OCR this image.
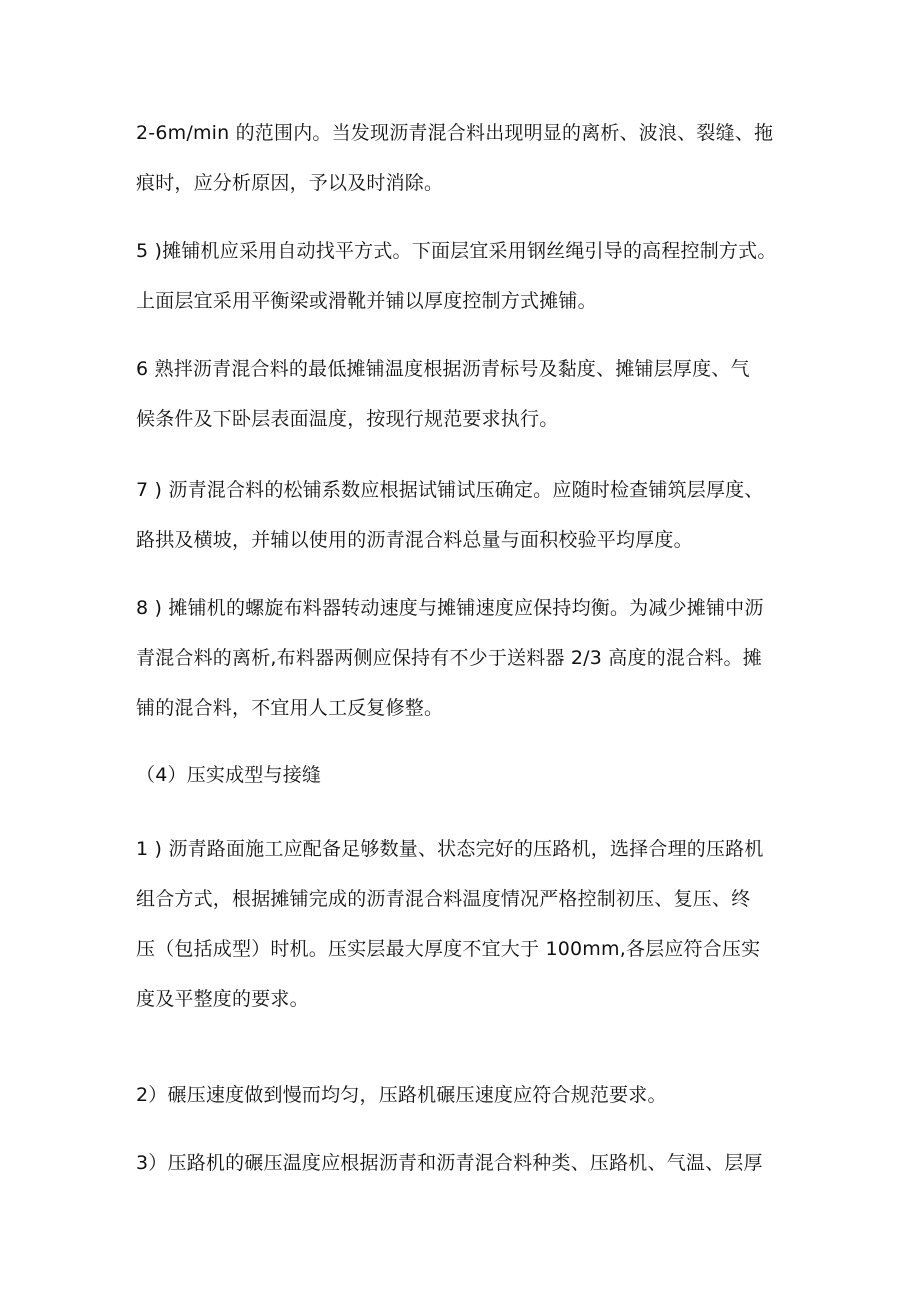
2-6m/min 的范围内。当发现沥青混合料出现明显的离析、波浪、裂缝、拖
痕时，应分析原因，予以及时消除。

5 )摊铺机应采用自动找平方式。下面层宜采用钢丝绳引导的高程控制方式。
上面层宜采用平衡梁或滑靴并铺以厚度控制方式摊铺。

6 熟拌沥青混合料的最低摊铺温度根据沥青标号及黏度、摊铺层厚度、气
候条件及下卧层表面温度，按现行规范要求执行。

7 ) 沥青混合料的松铺系数应根据试铺试压确定。应随时检查铺筑层厚度、
路拱及横坡，并辅以使用的沥青混合料总量与面积校验平均厚度。

8 ) 摊铺机的螺旋布料器转动速度与摊铺速度应保持均衡。为减少摊铺中沥
青混合料的离析,布料器两侧应保持有不少于送料器 2/3 高度的混合料。摊
铺的混合料，不宜用人工反复修整。

（4）压实成型与接缝

1 ) 沥青路面施工应配备足够数量、状态完好的压路机，选择合理的压路机
组合方式，根据摊铺完成的沥青混合料温度情况严格控制初压、复压、终
压（包括成型）时机。压实层最大厚度不宜大于 100mm,各层应符合压实
度及平整度的要求。

2）碾压速度做到慢而均匀，压路机碾压速度应符合规范要求。

3）压路机的碾压温度应根据沥青和沥青混合料种类、压路机、气温、层厚
